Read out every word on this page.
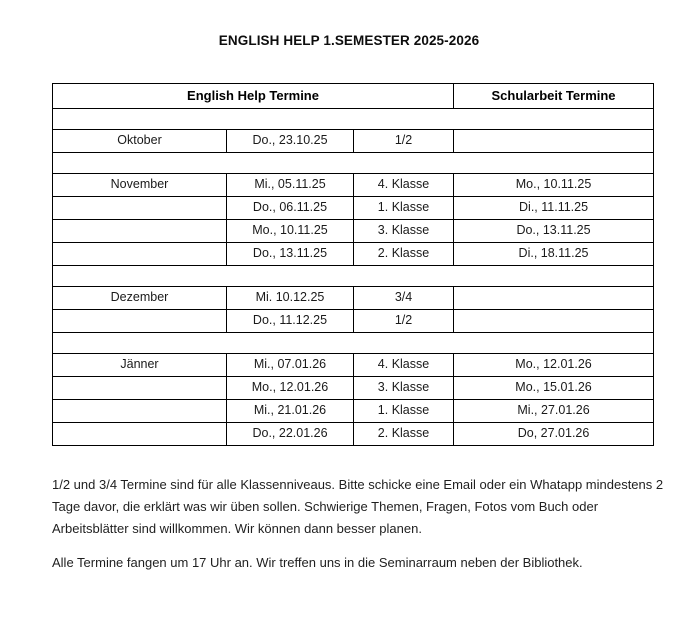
ENGLISH HELP 1.SEMESTER 2025-2026
English Help Termine			Schularbeit Termine

Oktober	Do., 23.10.25	1/2	

November	Mi., 05.11.25	4. Klasse	Mo., 10.11.25
	Do., 06.11.25	1. Klasse	Di., 11.11.25
	Mo., 10.11.25	3. Klasse	Do., 13.11.25
	Do., 13.11.25	2. Klasse	Di., 18.11.25

Dezember	Mi. 10.12.25	3/4	
	Do., 11.12.25	1/2	

Jänner	Mi., 07.01.26	4. Klasse	Mo., 12.01.26
	Mo., 12.01.26	3. Klasse	Mo., 15.01.26
	Mi., 21.01.26	1. Klasse	Mi., 27.01.26
	Do., 22.01.26	2. Klasse	Do, 27.01.26
1/2 und 3/4 Termine sind für alle Klassenniveaus. Bitte schicke eine Email oder ein Whatapp mindestens 2 Tage davor, die erklärt was wir üben sollen. Schwierige Themen, Fragen, Fotos vom Buch oder Arbeitsblätter sind willkommen. Wir können dann besser planen.
Alle Termine fangen um 17 Uhr an. Wir treffen uns in die Seminarraum neben der Bibliothek.
